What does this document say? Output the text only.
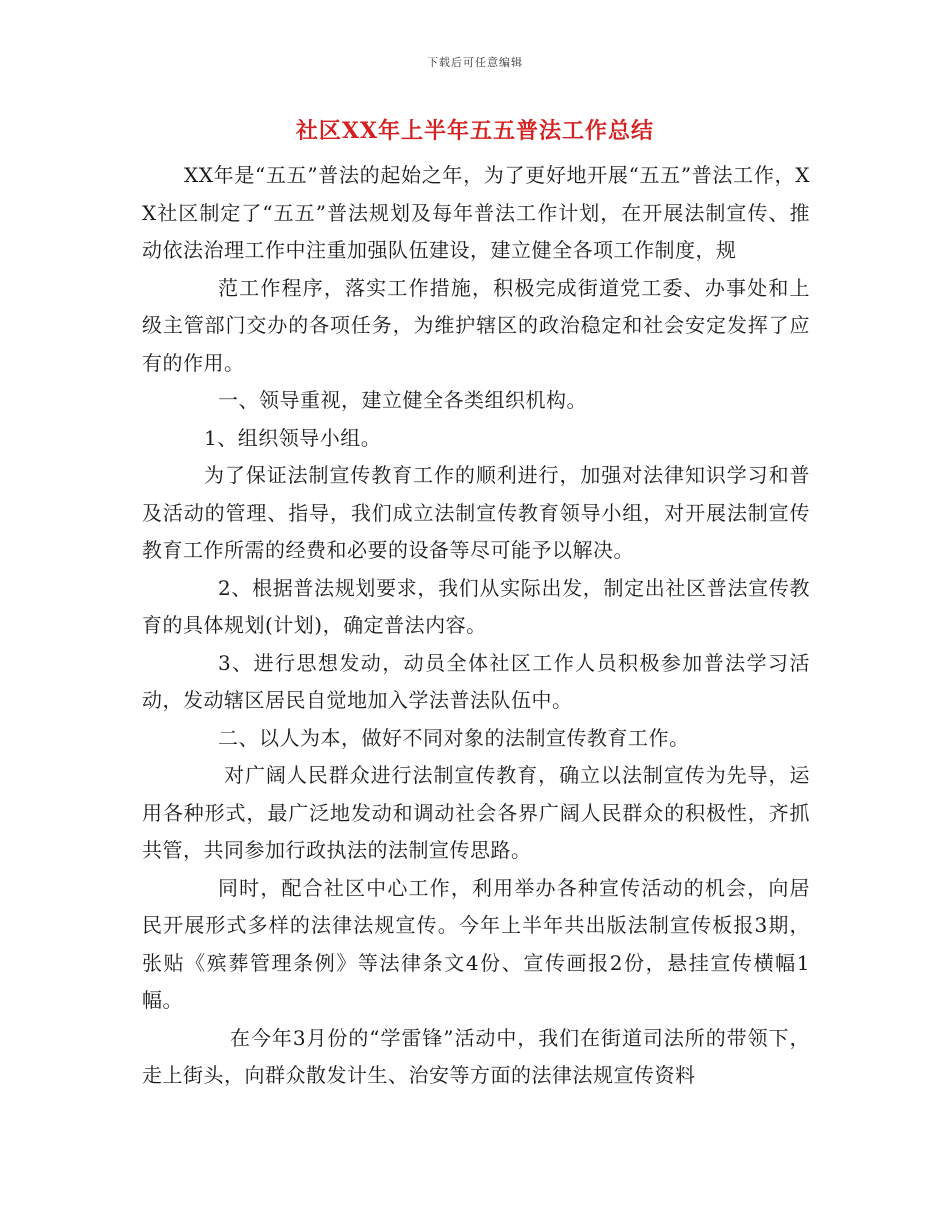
下载后可任意编辑
社区XX年上半年五五普法工作总结

XX年是“五五”普法的起始之年，为了更好地开展“五五”普法工作，XX社区制定了“五五”普法规划及每年普法工作计划，在开展法制宣传、推动依法治理工作中注重加强队伍建设，建立健全各项工作制度，规

范工作程序，落实工作措施，积极完成街道党工委、办事处和上级主管部门交办的各项任务，为维护辖区的政治稳定和社会安定发挥了应有的作用。

一、领导重视，建立健全各类组织机构。

1、组织领导小组。

为了保证法制宣传教育工作的顺利进行，加强对法律知识学习和普及活动的管理、指导，我们成立法制宣传教育领导小组，对开展法制宣传教育工作所需的经费和必要的设备等尽可能予以解决。

2、根据普法规划要求，我们从实际出发，制定出社区普法宣传教育的具体规划(计划)，确定普法内容。

3、进行思想发动，动员全体社区工作人员积极参加普法学习活动，发动辖区居民自觉地加入学法普法队伍中。

二、以人为本，做好不同对象的法制宣传教育工作。

对广阔人民群众进行法制宣传教育，确立以法制宣传为先导，运用各种形式，最广泛地发动和调动社会各界广阔人民群众的积极性，齐抓共管，共同参加行政执法的法制宣传思路。

同时，配合社区中心工作，利用举办各种宣传活动的机会，向居民开展形式多样的法律法规宣传。今年上半年共出版法制宣传板报3期，张贴《殡葬管理条例》等法律条文4份、宣传画报2份，悬挂宣传横幅1幅。

在今年3月份的“学雷锋”活动中，我们在街道司法所的带领下，走上街头，向群众散发计生、治安等方面的法律法规宣传资料
